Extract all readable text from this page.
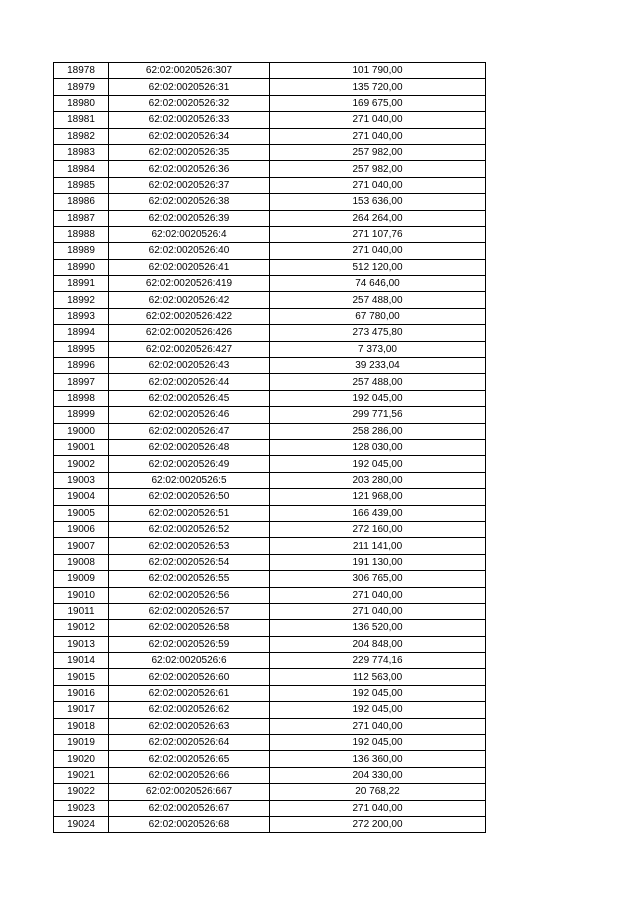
18978	62:02:0020526:307	101 790,00
18979	62:02:0020526:31	135 720,00
18980	62:02:0020526:32	169 675,00
18981	62:02:0020526:33	271 040,00
18982	62:02:0020526:34	271 040,00
18983	62:02:0020526:35	257 982,00
18984	62:02:0020526:36	257 982,00
18985	62:02:0020526:37	271 040,00
18986	62:02:0020526:38	153 636,00
18987	62:02:0020526:39	264 264,00
18988	62:02:0020526:4	271 107,76
18989	62:02:0020526:40	271 040,00
18990	62:02:0020526:41	512 120,00
18991	62:02:0020526:419	74 646,00
18992	62:02:0020526:42	257 488,00
18993	62:02:0020526:422	67 780,00
18994	62:02:0020526:426	273 475,80
18995	62:02:0020526:427	7 373,00
18996	62:02:0020526:43	39 233,04
18997	62:02:0020526:44	257 488,00
18998	62:02:0020526:45	192 045,00
18999	62:02:0020526:46	299 771,56
19000	62:02:0020526:47	258 286,00
19001	62:02:0020526:48	128 030,00
19002	62:02:0020526:49	192 045,00
19003	62:02:0020526:5	203 280,00
19004	62:02:0020526:50	121 968,00
19005	62:02:0020526:51	166 439,00
19006	62:02:0020526:52	272 160,00
19007	62:02:0020526:53	211 141,00
19008	62:02:0020526:54	191 130,00
19009	62:02:0020526:55	306 765,00
19010	62:02:0020526:56	271 040,00
19011	62:02:0020526:57	271 040,00
19012	62:02:0020526:58	136 520,00
19013	62:02:0020526:59	204 848,00
19014	62:02:0020526:6	229 774,16
19015	62:02:0020526:60	112 563,00
19016	62:02:0020526:61	192 045,00
19017	62:02:0020526:62	192 045,00
19018	62:02:0020526:63	271 040,00
19019	62:02:0020526:64	192 045,00
19020	62:02:0020526:65	136 360,00
19021	62:02:0020526:66	204 330,00
19022	62:02:0020526:667	20 768,22
19023	62:02:0020526:67	271 040,00
19024	62:02:0020526:68	272 200,00
